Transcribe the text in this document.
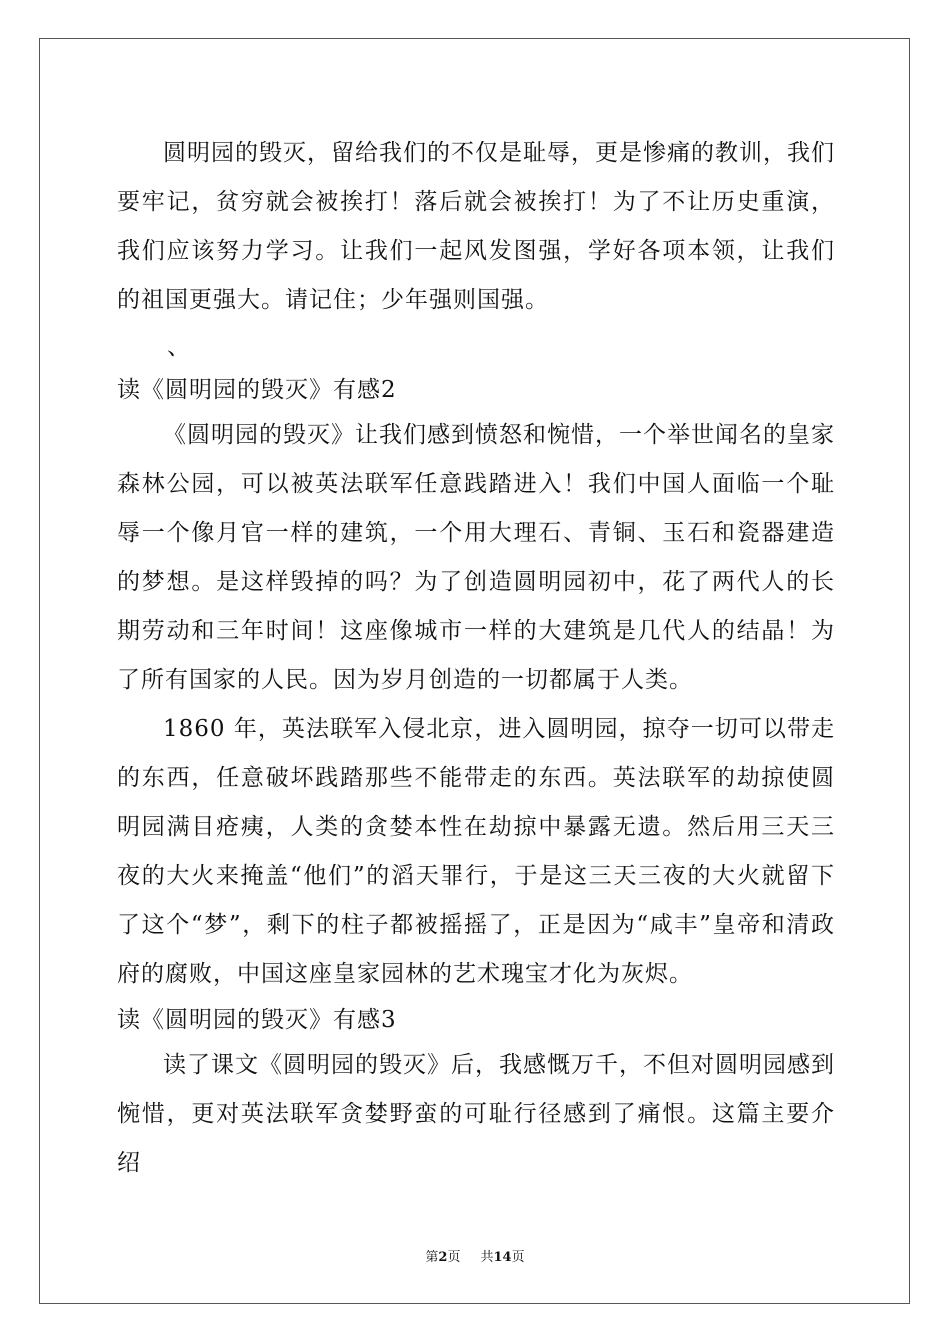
圆明园的毁灭，留给我们的不仅是耻辱，更是惨痛的教训，我们要牢记，贫穷就会被挨打！落后就会被挨打！为了不让历史重演，我们应该努力学习。让我们一起风发图强，学好各项本领，让我们的祖国更强大。请记住；少年强则国强。

、

读《圆明园的毁灭》有感2

《圆明园的毁灭》让我们感到愤怒和惋惜，一个举世闻名的皇家森林公园，可以被英法联军任意践踏进入！我们中国人面临一个耻辱一个像月官一样的建筑，一个用大理石、青铜、玉石和瓷器建造的梦想。是这样毁掉的吗？为了创造圆明园初中，花了两代人的长期劳动和三年时间！这座像城市一样的大建筑是几代人的结晶！为了所有国家的人民。因为岁月创造的一切都属于人类。

1860 年，英法联军入侵北京，进入圆明园，掠夺一切可以带走的东西，任意破坏践踏那些不能带走的东西。英法联军的劫掠使圆明园满目疮痍，人类的贪婪本性在劫掠中暴露无遗。然后用三天三夜的大火来掩盖“他们”的滔天罪行，于是这三天三夜的大火就留下了这个“梦”，剩下的柱子都被摇摇了，正是因为“咸丰”皇帝和清政府的腐败，中国这座皇家园林的艺术瑰宝才化为灰烬。

读《圆明园的毁灭》有感3

读了课文《圆明园的毁灭》后，我感慨万千，不但对圆明园感到惋惜，更对英法联军贪婪野蛮的可耻行径感到了痛恨。这篇主要介绍

第2页 共14页
